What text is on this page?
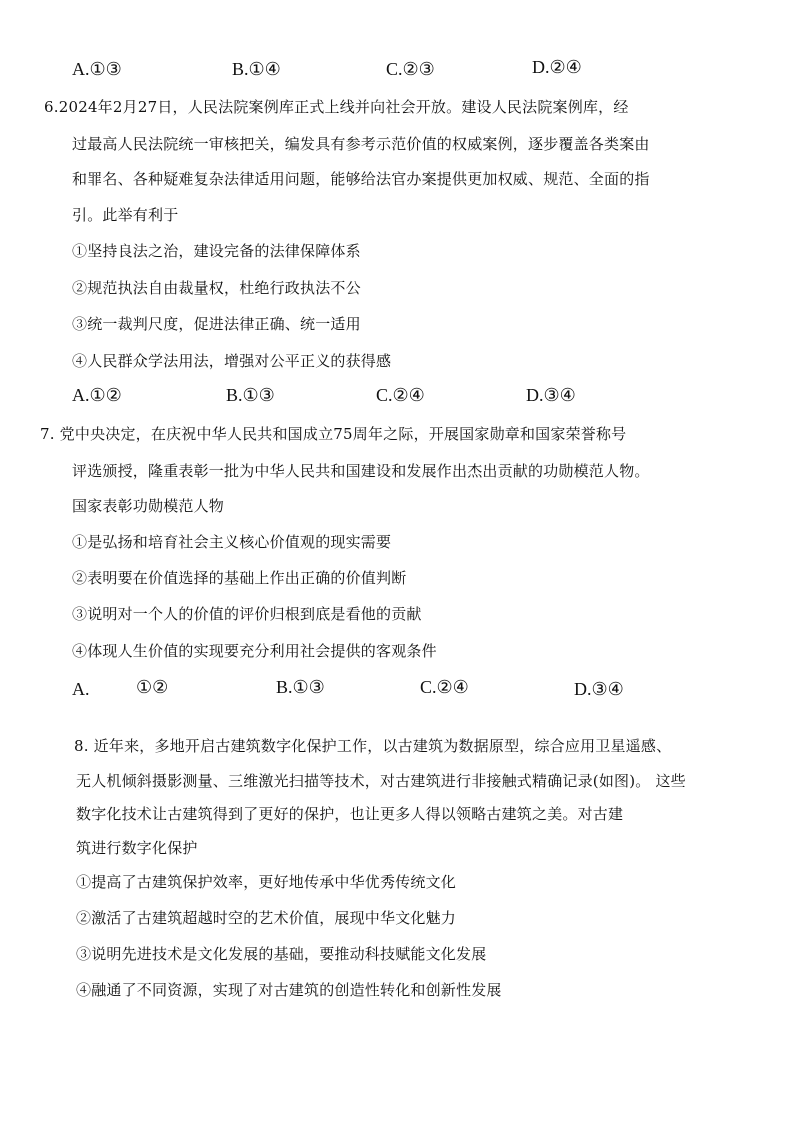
A.①③	B.①④	C.②③	D.②④
6.2024年2月27日，人民法院案例库正式上线并向社会开放。建设人民法院案例库，经
过最高人民法院统一审核把关，编发具有参考示范价值的权威案例，逐步覆盖各类案由
和罪名、各种疑难复杂法律适用问题，能够给法官办案提供更加权威、规范、全面的指
引。此举有利于
①坚持良法之治，建设完备的法律保障体系
②规范执法自由裁量权，杜绝行政执法不公
③统一裁判尺度，促进法律正确、统一适用
④人民群众学法用法，增强对公平正义的获得感
A.①②	B.①③	C.②④	D.③④
7. 党中央决定，在庆祝中华人民共和国成立75周年之际，开展国家勋章和国家荣誉称号
评选颁授，隆重表彰一批为中华人民共和国建设和发展作出杰出贡献的功勋模范人物。
国家表彰功勋模范人物
①是弘扬和培育社会主义核心价值观的现实需要
②表明要在价值选择的基础上作出正确的价值判断
③说明对一个人的价值的评价归根到底是看他的贡献
④体现人生价值的实现要充分利用社会提供的客观条件
A.	①②	B.①③	C.②④	D.③④
8. 近年来，多地开启古建筑数字化保护工作，以古建筑为数据原型，综合应用卫星遥感、
无人机倾斜摄影测量、三维激光扫描等技术，对古建筑进行非接触式精确记录(如图)。 这些
数字化技术让古建筑得到了更好的保护，也让更多人得以领略古建筑之美。对古建
筑进行数字化保护
①提高了古建筑保护效率，更好地传承中华优秀传统文化
②激活了古建筑超越时空的艺术价值，展现中华文化魅力
③说明先进技术是文化发展的基础，要推动科技赋能文化发展
④融通了不同资源，实现了对古建筑的创造性转化和创新性发展
